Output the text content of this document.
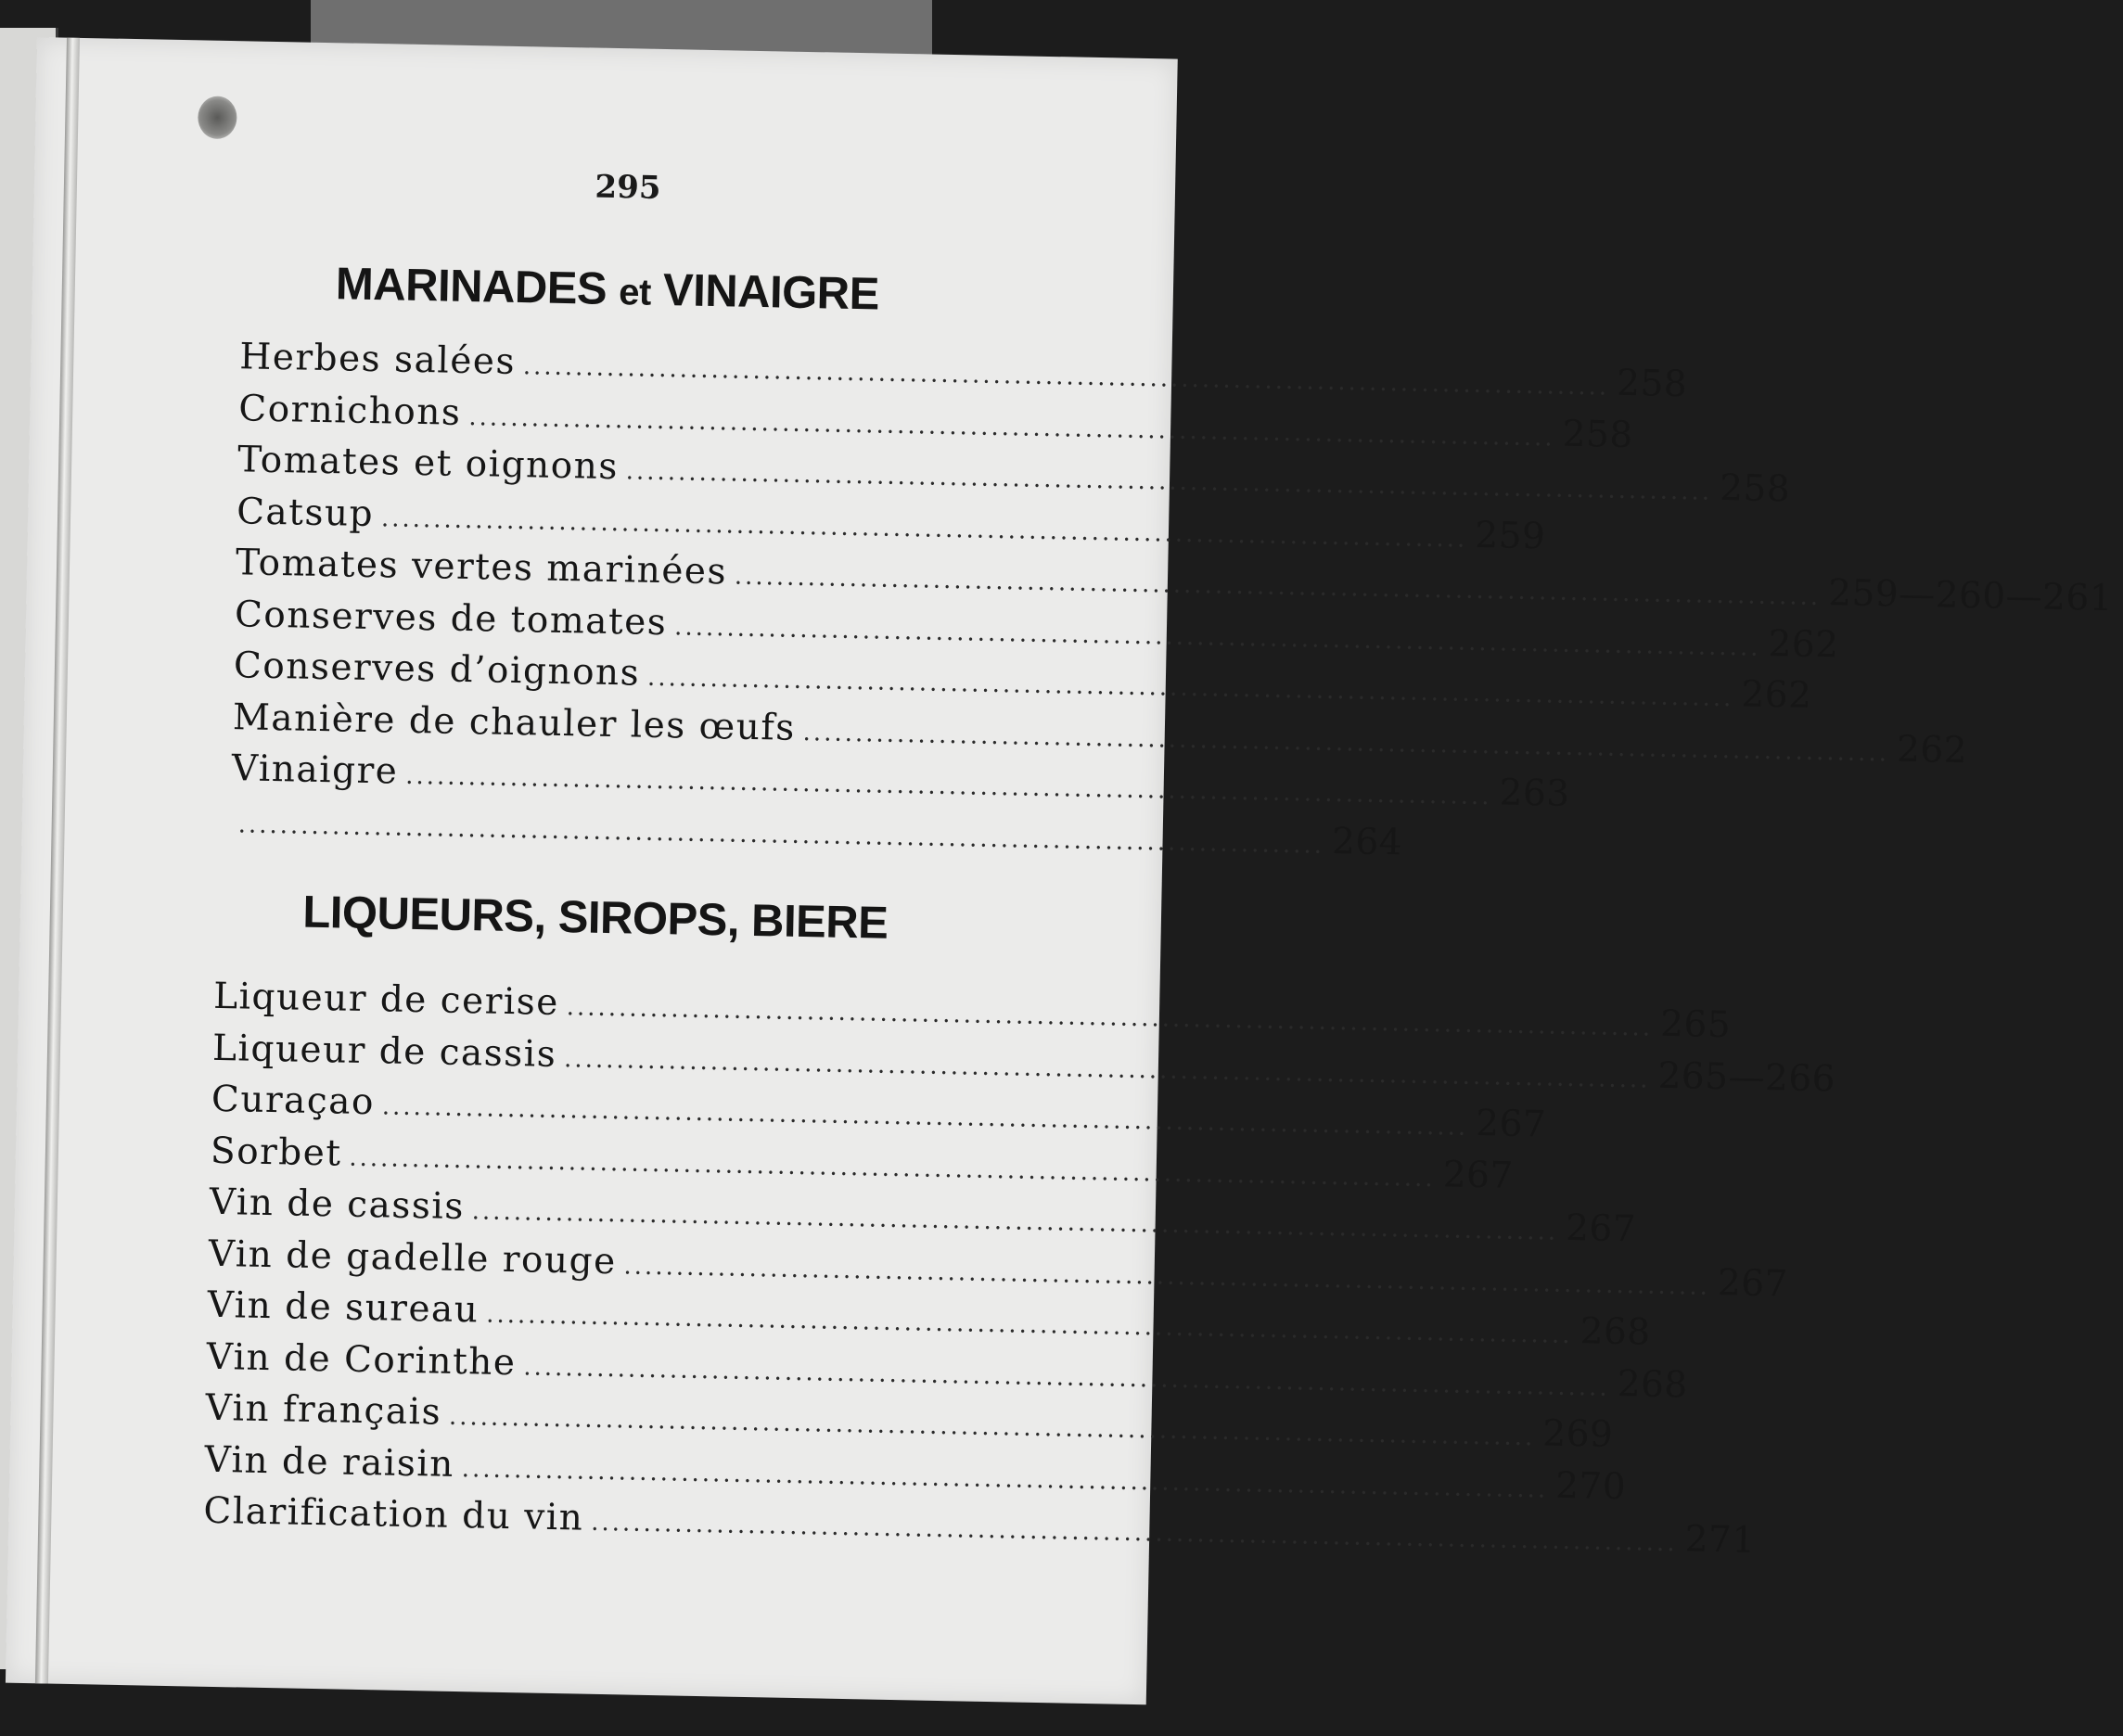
295
MARINADES et VINAIGRE
Herbes salées ........................................................................................................ 258
Cornichons ........................................................................................................ 258
Tomates et oignons ........................................................................................................ 258
Catsup ........................................................................................................ 259
Tomates vertes marinées ........................................................................................................ 259—260—261
Conserves de tomates ........................................................................................................ 262
Conserves d’oignons ........................................................................................................ 262
Manière de chauler les œufs ........................................................................................................ 262
Vinaigre ........................................................................................................ 263
........................................................................................................ 264
LIQUEURS, SIROPS, BIERE
Liqueur de cerise ........................................................................................................ 265
Liqueur de cassis ........................................................................................................ 265—266
Curaçao ........................................................................................................ 267
Sorbet ........................................................................................................ 267
Vin de cassis ........................................................................................................ 267
Vin de gadelle rouge ........................................................................................................ 267
Vin de sureau ........................................................................................................ 268
Vin de Corinthe ........................................................................................................ 268
Vin français ........................................................................................................ 269
Vin de raisin ........................................................................................................ 270
Clarification du vin ........................................................................................................ 271
